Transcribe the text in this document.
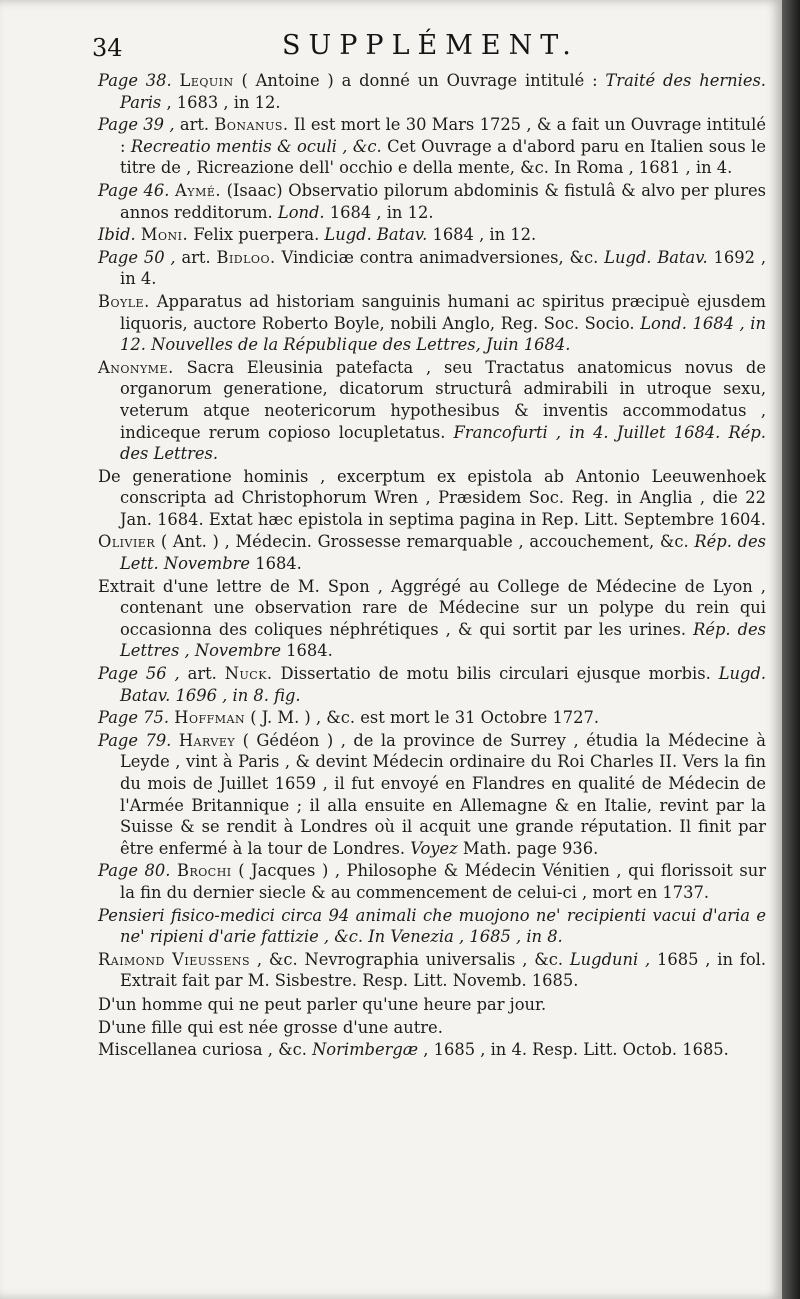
34	SUPPLÉMENT.

Page 38. Lequin ( Antoine ) a donné un Ouvrage intitulé : Traité des hernies. Paris , 1683 , in 12.

Page 39 , art. Bonanus. Il est mort le 30 Mars 1725 , & a fait un Ouvrage intitulé : Recreatio mentis & oculi , &c. Cet Ouvrage a d'abord paru en Italien sous le titre de , Ricreazione dell' occhio e della mente, &c. In Roma , 1681 , in 4.

Page 46. Aymé. (Isaac) Observatio pilorum abdominis & fistulâ & alvo per plures annos redditorum. Lond. 1684 , in 12.

Ibid. Moni. Felix puerpera. Lugd. Batav. 1684 , in 12.

Page 50 , art. Bidloo. Vindiciæ contra animadversiones, &c. Lugd. Batav. 1692 , in 4.

Boyle. Apparatus ad historiam sanguinis humani ac spiritus præcipuè ejusdem liquoris, auctore Roberto Boyle, nobili Anglo, Reg. Soc. Socio. Lond. 1684 , in 12. Nouvelles de la République des Lettres, Juin 1684.

Anonyme. Sacra Eleusinia patefacta , seu Tractatus anatomicus novus de organorum generatione, dicatorum structurâ admirabili in utroque sexu, veterum atque neotericorum hypothesibus & inventis accommodatus , indiceque rerum copioso locupletatus. Francofurti , in 4. Juillet 1684. Rép. des Lettres.

De generatione hominis , excerptum ex epistola ab Antonio Leeuwenhoek conscripta ad Christophorum Wren , Præsidem Soc. Reg. in Anglia , die 22 Jan. 1684. Extat hæc epistola in septima pagina in Rep. Litt. Septembre 1604.

Olivier ( Ant. ) , Médecin. Grossesse remarquable , accouchement, &c. Rép. des Lett. Novembre 1684.

Extrait d'une lettre de M. Spon , Aggrégé au College de Médecine de Lyon , contenant une observation rare de Médecine sur un polype du rein qui occasionna des coliques néphrétiques , & qui sortit par les urines. Rép. des Lettres , Novembre 1684.

Page 56 , art. Nuck. Dissertatio de motu bilis circulari ejusque morbis. Lugd. Batav. 1696 , in 8. fig.

Page 75. Hoffman ( J. M. ) , &c. est mort le 31 Octobre 1727.

Page 79. Harvey ( Gédéon ) , de la province de Surrey , étudia la Médecine à Leyde , vint à Paris , & devint Médecin ordinaire du Roi Charles II. Vers la fin du mois de Juillet 1659 , il fut envoyé en Flandres en qualité de Médecin de l'Armée Britannique ; il alla ensuite en Allemagne & en Italie, revint par la Suisse & se rendit à Londres où il acquit une grande réputation. Il finit par être enfermé à la tour de Londres. Voyez Math. page 936.

Page 80. Brochi ( Jacques ) , Philosophe & Médecin Vénitien , qui florissoit sur la fin du dernier siecle & au commencement de celui-ci , mort en 1737.

Pensieri fisico-medici circa 94 animali che muojono ne' recipienti vacui d'aria e ne' ripieni d'arie fattizie , &c. In Venezia , 1685 , in 8.

Raimond Vieussens , &c. Nevrographia universalis , &c. Lugduni , 1685 , in fol. Extrait fait par M. Sisbestre. Resp. Litt. Novemb. 1685.

D'un homme qui ne peut parler qu'une heure par jour.

D'une fille qui est née grosse d'une autre.

Miscellanea curiosa , &c. Norimbergæ , 1685 , in 4. Resp. Litt. Octob. 1685.
